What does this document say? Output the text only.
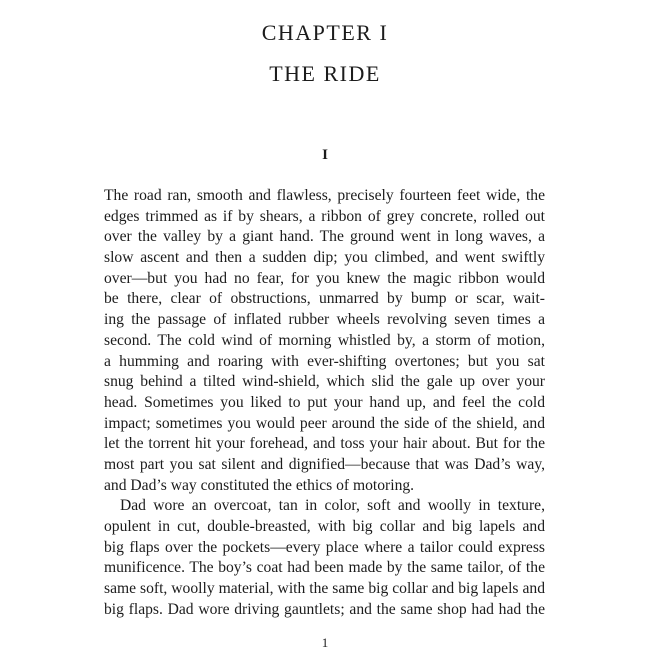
CHAPTER I
THE RIDE
I
The road ran, smooth and flawless, precisely fourteen feet wide, the
edges trimmed as if by shears, a ribbon of grey concrete, rolled out
over the valley by a giant hand. The ground went in long waves, a
slow ascent and then a sudden dip; you climbed, and went swiftly
over—but you had no fear, for you knew the magic ribbon would
be there, clear of obstructions, unmarred by bump or scar, wait-
ing the passage of inflated rubber wheels revolving seven times a
second. The cold wind of morning whistled by, a storm of motion,
a humming and roaring with ever-shifting overtones; but you sat
snug behind a tilted wind-shield, which slid the gale up over your
head. Sometimes you liked to put your hand up, and feel the cold
impact; sometimes you would peer around the side of the shield, and
let the torrent hit your forehead, and toss your hair about. But for the
most part you sat silent and dignified—because that was Dad’s way,
and Dad’s way constituted the ethics of motoring.
Dad wore an overcoat, tan in color, soft and woolly in texture,
opulent in cut, double-breasted, with big collar and big lapels and
big flaps over the pockets—every place where a tailor could express
munificence. The boy’s coat had been made by the same tailor, of the
same soft, woolly material, with the same big collar and big lapels and
big flaps. Dad wore driving gauntlets; and the same shop had had the
1
